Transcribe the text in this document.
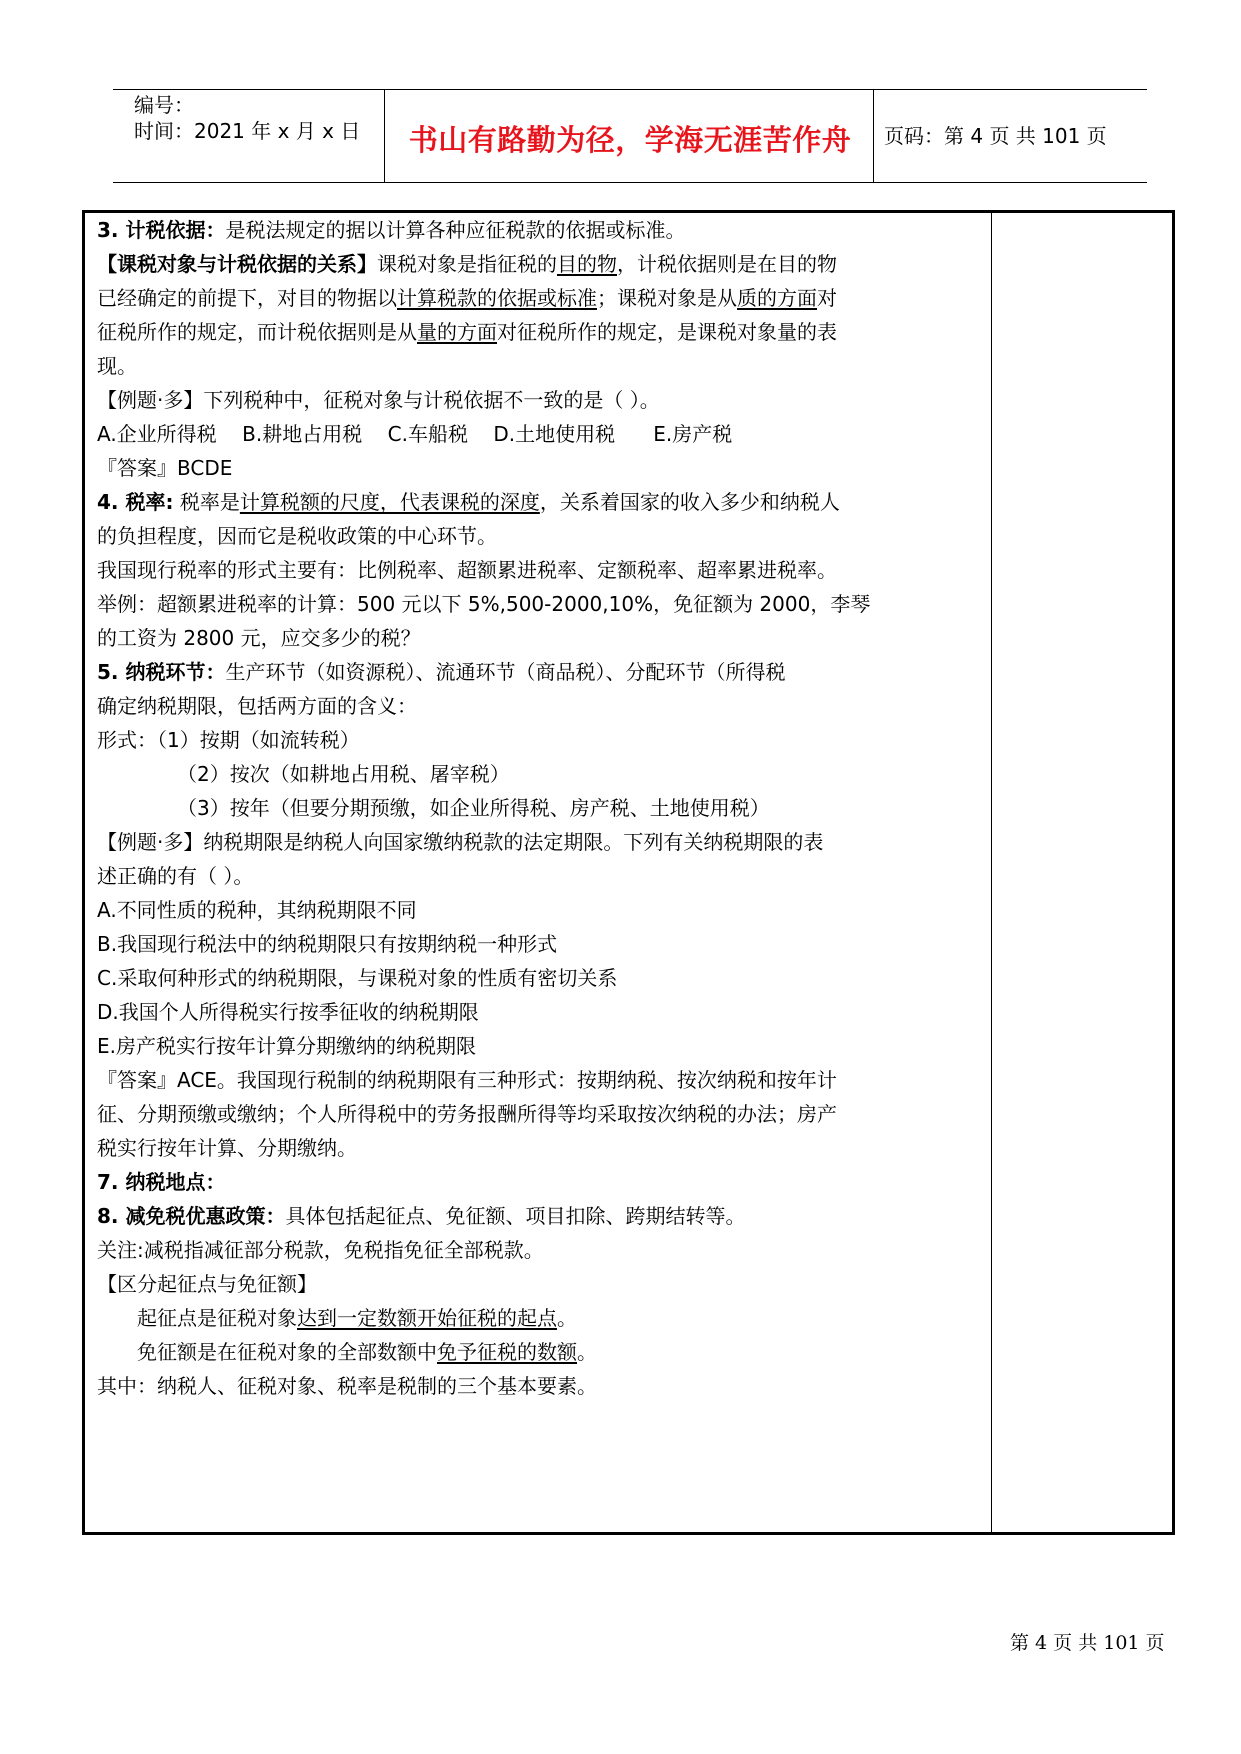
编号：
时间：2021 年 x 月 x 日	书山有路勤为径，学海无涯苦作舟	页码：第 4 页 共 101 页
3. 计税依据：是税法规定的据以计算各种应征税款的依据或标准。
【课税对象与计税依据的关系】课税对象是指征税的目的物，计税依据则是在目的物
已经确定的前提下，对目的物据以计算税款的依据或标准；课税对象是从质的方面对
征税所作的规定，而计税依据则是从量的方面对征税所作的规定，是课税对象量的表
现。
【例题·多】下列税种中，征税对象与计税依据不一致的是（ ）。
A.企业所得税    B.耕地占用税    C.车船税    D.土地使用税      E.房产税
『答案』BCDE
4. 税率: 税率是计算税额的尺度，代表课税的深度，关系着国家的收入多少和纳税人
的负担程度，因而它是税收政策的中心环节。
我国现行税率的形式主要有：比例税率、超额累进税率、定额税率、超率累进税率。
举例：超额累进税率的计算：500 元以下 5%,500-2000,10%，免征额为 2000，李琴
的工资为 2800 元，应交多少的税？
5. 纳税环节：生产环节（如资源税）、流通环节（商品税）、分配环节（所得税
确定纳税期限，包括两方面的含义：
形式：（1）按期（如流转税）
（2）按次（如耕地占用税、屠宰税）
（3）按年（但要分期预缴，如企业所得税、房产税、土地使用税）
【例题·多】纳税期限是纳税人向国家缴纳税款的法定期限。下列有关纳税期限的表
述正确的有（ ）。
A.不同性质的税种，其纳税期限不同
B.我国现行税法中的纳税期限只有按期纳税一种形式
C.采取何种形式的纳税期限，与课税对象的性质有密切关系
D.我国个人所得税实行按季征收的纳税期限
E.房产税实行按年计算分期缴纳的纳税期限
『答案』ACE。我国现行税制的纳税期限有三种形式：按期纳税、按次纳税和按年计
征、分期预缴或缴纳；个人所得税中的劳务报酬所得等均采取按次纳税的办法；房产
税实行按年计算、分期缴纳。
7. 纳税地点：
8. 减免税优惠政策：具体包括起征点、免征额、项目扣除、跨期结转等。
关注:减税指减征部分税款，免税指免征全部税款。
【区分起征点与免征额】
起征点是征税对象达到一定数额开始征税的起点。
免征额是在征税对象的全部数额中免予征税的数额。
其中：纳税人、征税对象、税率是税制的三个基本要素。
第 4 页 共 101 页
